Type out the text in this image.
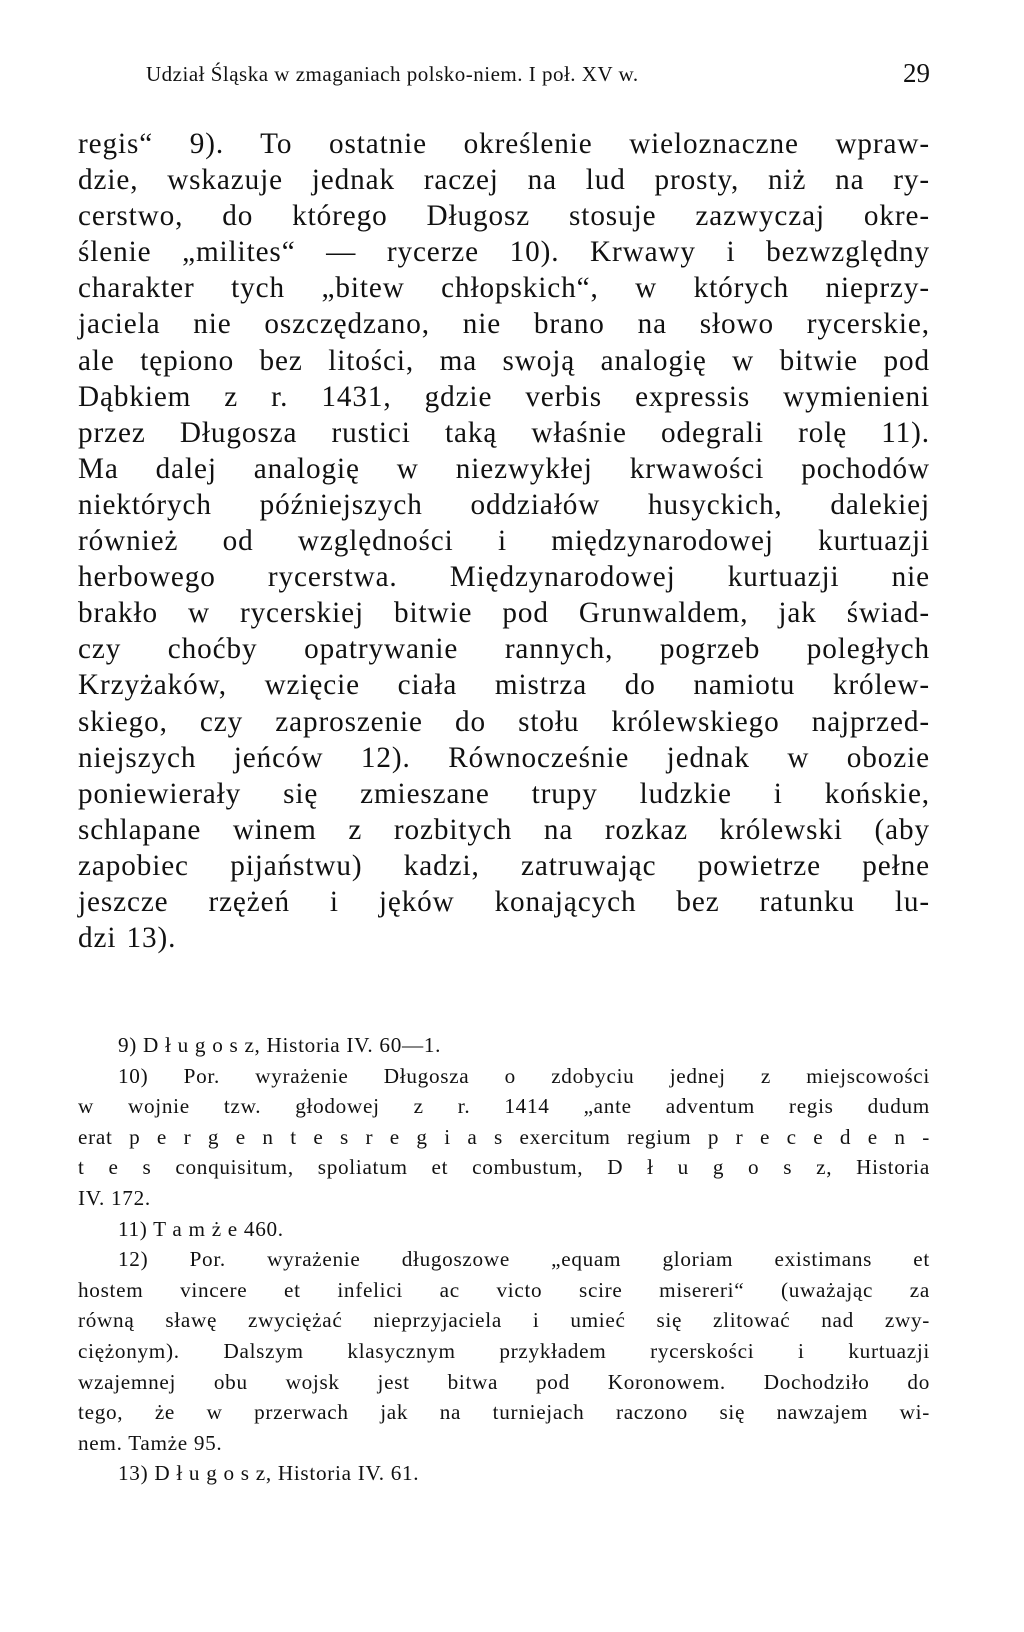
Udział Śląska w zmaganiach polsko-niem. I poł. XV w.	29
regis“ 9). To ostatnie określenie wieloznaczne wpraw-
dzie, wskazuje jednak raczej na lud prosty, niż na ry-
cerstwo, do którego Długosz stosuje zazwyczaj okre-
ślenie „milites“ — rycerze 10). Krwawy i bezwzględny
charakter tych „bitew chłopskich“, w których nieprzy-
jaciela nie oszczędzano, nie brano na słowo rycerskie,
ale tępiono bez litości, ma swoją analogię w bitwie pod
Dąbkiem z r. 1431, gdzie verbis expressis wymienieni
przez Długosza rustici taką właśnie odegrali rolę 11).
Ma dalej analogię w niezwykłej krwawości pochodów
niektórych późniejszych oddziałów husyckich, dalekiej
również od względności i międzynarodowej kurtuazji
herbowego rycerstwa. Międzynarodowej kurtuazji nie
brakło w rycerskiej bitwie pod Grunwaldem, jak świad-
czy choćby opatrywanie rannych, pogrzeb poległych
Krzyżaków, wzięcie ciała mistrza do namiotu królew-
skiego, czy zaproszenie do stołu królewskiego najprzed-
niejszych jeńców 12). Równocześnie jednak w obozie
poniewierały się zmieszane trupy ludzkie i końskie,
schlapane winem z rozbitych na rozkaz królewski (aby
zapobiec pijaństwu) kadzi, zatruwając powietrze pełne
jeszcze rzężeń i jęków konających bez ratunku lu-
dzi 13).
9) D ł u g o s z, Historia IV. 60—1.
10) Por. wyrażenie Długosza o zdobyciu jednej z miejscowości
w wojnie tzw. głodowej z r. 1414 „ante adventum regis dudum
erat p e r g e n t e s r e g i a s exercitum regium p r e c e d e n -
t e s conquisitum, spoliatum et combustum, D ł u g o s z, Historia
IV. 172.
11) T a m ż e 460.
12) Por. wyrażenie długoszowe „equam gloriam existimans et
hostem vincere et infelici ac victo scire misereri“ (uważając za
równą sławę zwyciężać nieprzyjaciela i umieć się zlitować nad zwy-
ciężonym). Dalszym klasycznym przykładem rycerskości i kurtuazji
wzajemnej obu wojsk jest bitwa pod Koronowem. Dochodziło do
tego, że w przerwach jak na turniejach raczono się nawzajem wi-
nem. Tamże 95.
13) D ł u g o s z, Historia IV. 61.
